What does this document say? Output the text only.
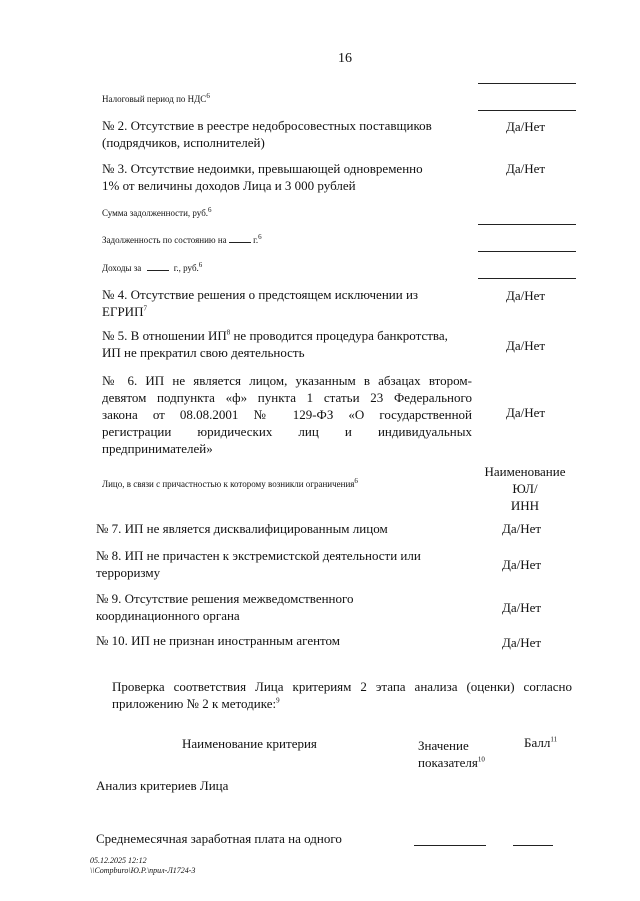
16
Налоговый период по НДС$^6$
№ 2. Отсутствие в реестре недобросовестных поставщиков
(подрядчиков, исполнителей)
Да/Нет
№ 3. Отсутствие недоимки, превышающей одновременно
1% от величины доходов Лица и 3 000 рублей
Да/Нет
Сумма задолженности, руб.$^6$
Задолженность по состоянию на	г.$^6$
Доходы за	г., руб.$^6$
№ 4. Отсутствие решения о предстоящем исключении из
ЕГРИП$^7$
Да/Нет
№ 5. В отношении $ИП^8$ не проводится процедура банкротства,
ИП не прекратил свою деятельность	Да/Нет
№ 6. ИП не является лицом, указанным в абзацах втором-
девятом подпункта «ф» пункта 1 статьи 23 Федерального
закона от 08.08.2001 № 129-ФЗ «О государственной
регистрации юридических лиц и индивидуальных
предпринимателей»
Да/Нет
Лицо, в связи с причастностью к которому возникли ограничения$^6$
Наименование
ЮЛ/
ИНН
№ 7. ИП не является дисквалифицированным лицом	Да/Нет
№ 8. ИП не причастен к экстремистской деятельности или
терроризму
Да/Нет
№ 9. Отсутствие решения межведомственного
координационного органа
Да/Нет
№ 10. ИП не признан иностранным агентом	Да/Нет
Проверка соответствия Лица критериям 2 этапа анализа (оценки) согласно
приложению № 2 к методике:$^9$
Наименование критерия	Значение
показателя$^{10}$
Балл$^{11}$
Анализ критериев Лица
Среднемесячная заработная плата на одного
05.12.2025 12:12
\\Compburo\Ю.Р.\прил-Л1724-3
